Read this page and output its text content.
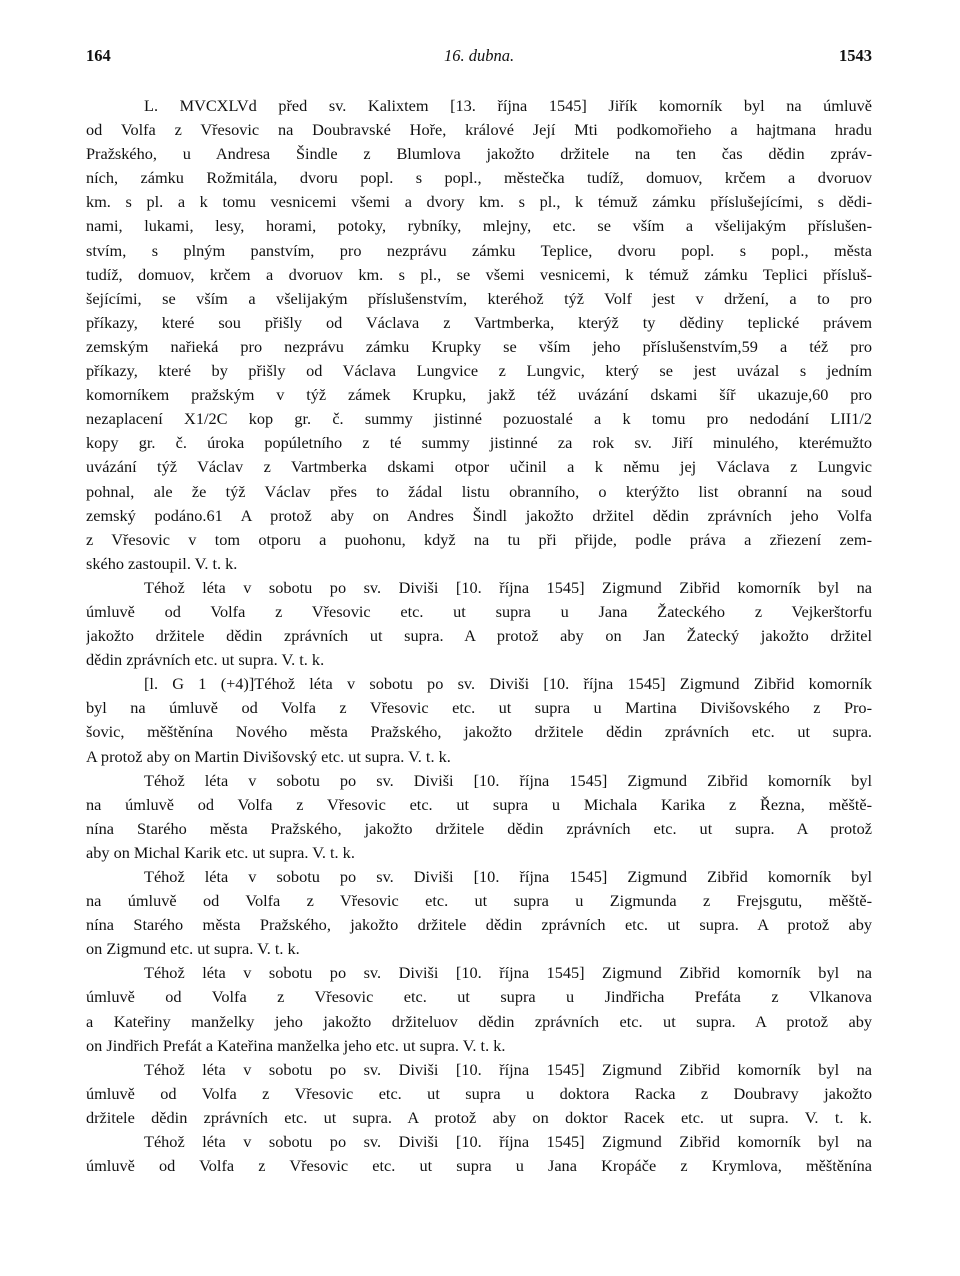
164	16. dubna.	1543
L. MVCXLVd před sv. Kalixtem [13. října 1545] Jiřík komorník byl na úmluvě
od Volfa z Vřesovic na Doubravské Hoře, králové Její Mti podkomořieho a hajtmana hradu
Pražského, u Andresa Šindle z Blumlova jakožto držitele na ten čas dědin zpráv-
ních, zámku Rožmitála, dvoru popl. s popl., městečka tudíž, domuov, krčem a dvoruov
km. s pl. a k tomu vesnicemi všemi a dvory km. s pl., k témuž zámku příslušejícími, s dědi-
nami, lukami, lesy, horami, potoky, rybníky, mlejny, etc. se vším a všelijakým příslušen-
stvím, s plným panstvím, pro nezprávu zámku Teplice, dvoru popl. s popl., města
tudíž, domuov, krčem a dvoruov km. s pl., se všemi vesnicemi, k témuž zámku Teplici přísluš-
šejícími, se vším a všelijakým příslušenstvím, kteréhož týž Volf jest v držení, a to pro
příkazy, které sou přišly od Václava z Vartmberka, kterýž ty dědiny teplické právem
zemským nařieká pro nezprávu zámku Krupky se vším jeho příslušenstvím,59 a též pro
příkazy, které by přišly od Václava Lungvice z Lungvic, který se jest uvázal s jedním
komorníkem pražským v týž zámek Krupku, jakž též uvázání dskami šíř ukazuje,60 pro
nezaplacení X1/2C kop gr. č. summy jistinné pozuostalé a k tomu pro nedodání LII1/2
kopy gr. č. úroka popúletního z té summy jistinné za rok sv. Jiří minulého, kterémužto
uvázání týž Václav z Vartmberka dskami otpor učinil a k němu jej Václava z Lungvic
pohnal, ale že týž Václav přes to žádal listu obranního, o kterýžto list obranní na soud
zemský podáno.61 A protož aby on Andres Šindl jakožto držitel dědin zprávních jeho Volfa
z Vřesovic v tom otporu a puohonu, když na tu při přijde, podle práva a zřiezení zem-
ského zastoupil. V. t. k.
Téhož léta v sobotu po sv. Diviši [10. října 1545] Zigmund Zibřid komorník byl na
úmluvě od Volfa z Vřesovic etc. ut supra u Jana Žateckého z Vejkerštorfu
jakožto držitele dědin zprávních ut supra. A protož aby on Jan Žatecký jakožto držitel
dědin zprávních etc. ut supra. V. t. k.
[l. G 1 (+4)]Téhož léta v sobotu po sv. Diviši [10. října 1545] Zigmund Zibřid komorník
byl na úmluvě od Volfa z Vřesovic etc. ut supra u Martina Divišovského z Pro-
šovic, měštěnína Nového města Pražského, jakožto držitele dědin zprávních etc. ut supra.
A protož aby on Martin Divišovský etc. ut supra. V. t. k.
Téhož léta v sobotu po sv. Diviši [10. října 1545] Zigmund Zibřid komorník byl
na úmluvě od Volfa z Vřesovic etc. ut supra u Michala Karika z Řezna, měště-
nína Starého města Pražského, jakožto držitele dědin zprávních etc. ut supra. A protož
aby on Michal Karik etc. ut supra. V. t. k.
Téhož léta v sobotu po sv. Diviši [10. října 1545] Zigmund Zibřid komorník byl
na úmluvě od Volfa z Vřesovic etc. ut supra u Zigmunda z Frejsgutu, měště-
nína Starého města Pražského, jakožto držitele dědin zprávních etc. ut supra. A protož aby
on Zigmund etc. ut supra. V. t. k.
Téhož léta v sobotu po sv. Diviši [10. října 1545] Zigmund Zibřid komorník byl na
úmluvě od Volfa z Vřesovic etc. ut supra u Jindřicha Prefáta z Vlkanova
a Kateřiny manželky jeho jakožto držiteluov dědin zprávních etc. ut supra. A protož aby
on Jindřich Prefát a Kateřina manželka jeho etc. ut supra. V. t. k.
Téhož léta v sobotu po sv. Diviši [10. října 1545] Zigmund Zibřid komorník byl na
úmluvě od Volfa z Vřesovic etc. ut supra u doktora Racka z Doubravy jakožto
držitele dědin zprávních etc. ut supra. A protož aby on doktor Racek etc. ut supra. V. t. k.
Téhož léta v sobotu po sv. Diviši [10. října 1545] Zigmund Zibřid komorník byl na
úmluvě od Volfa z Vřesovic etc. ut supra u Jana Kropáče z Krymlova, měštěnína
